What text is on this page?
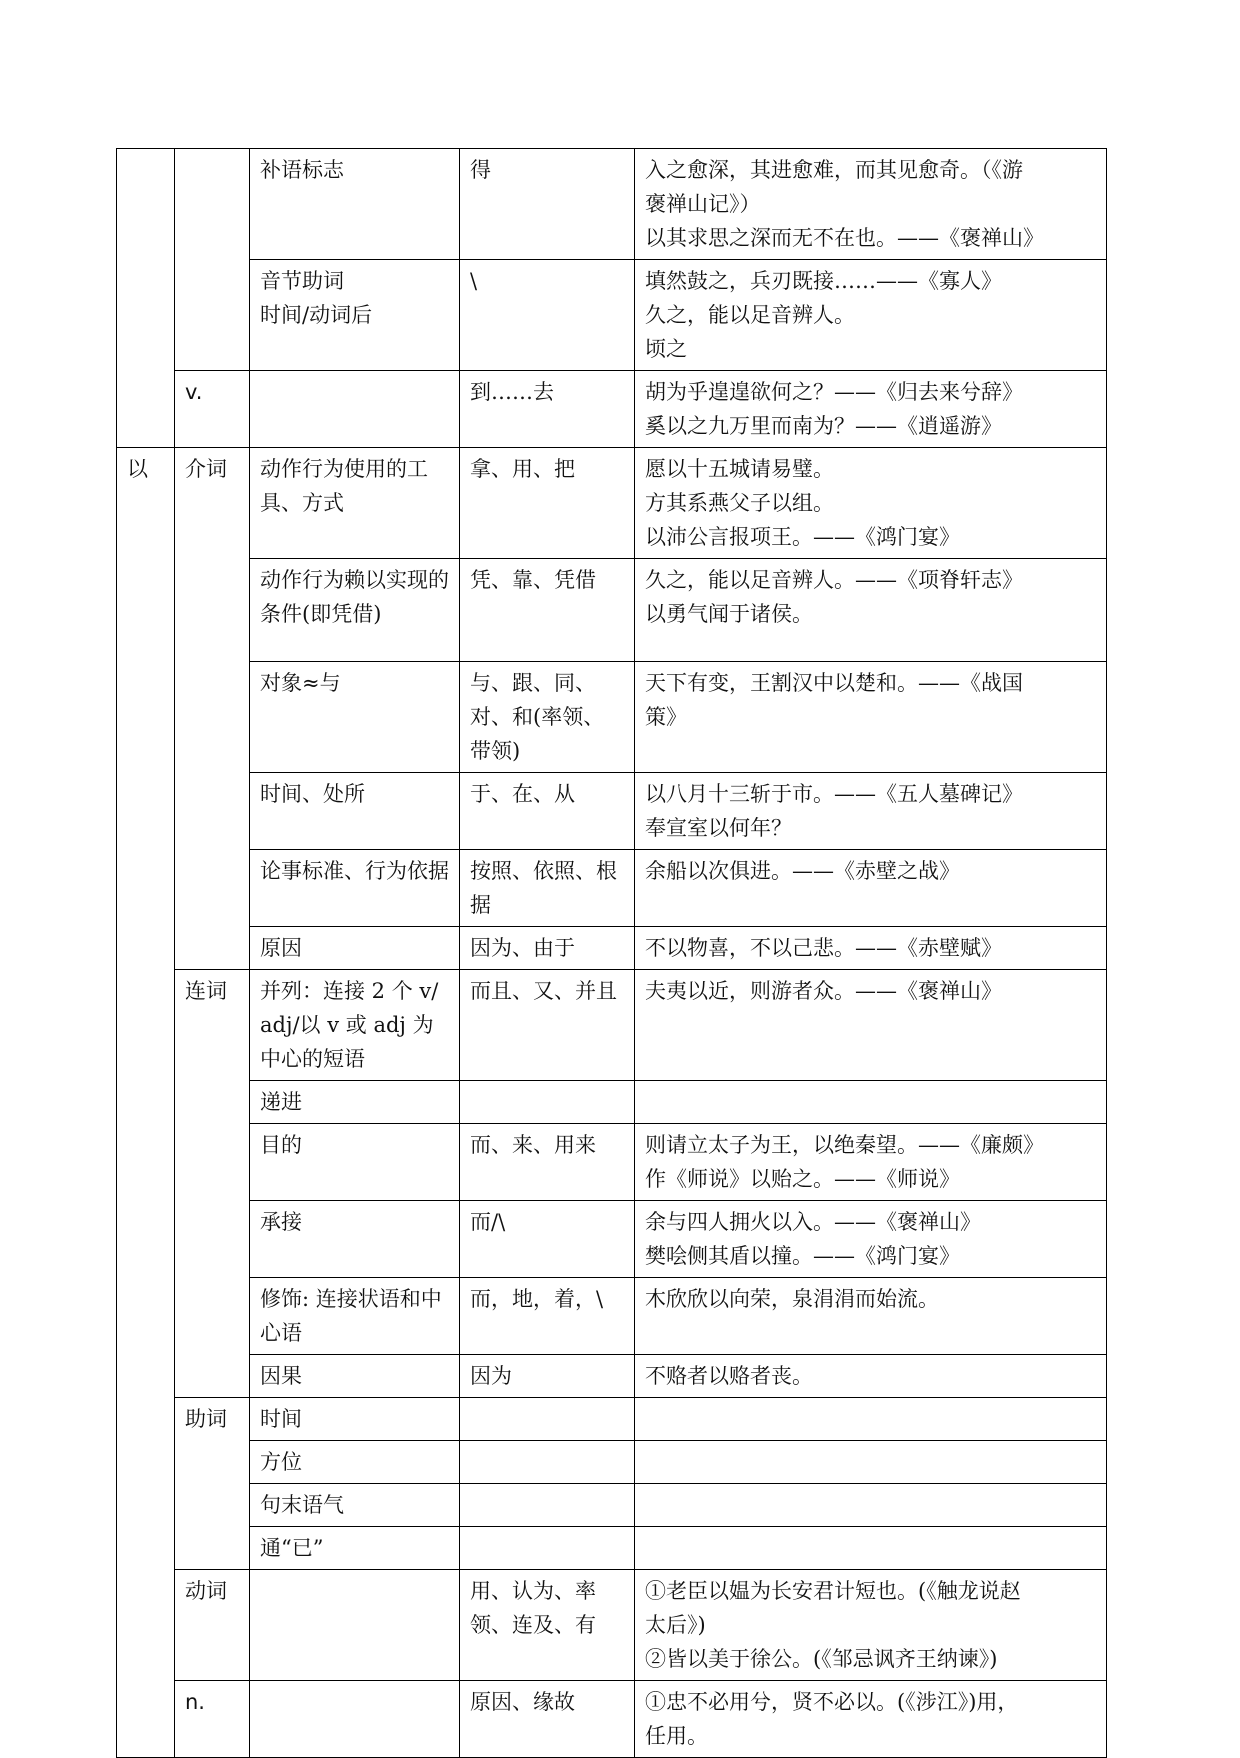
		补语标志	得	入之愈深，其进愈难，而其见愈奇。（《游
褒禅山记》）
以其求思之深而无不在也。——《褒禅山》

		音节助词
时间/动词后	\	填然鼓之，兵刃既接……——《寡人》
久之，能以足音辨人。
顷之

	v.		到……去	胡为乎遑遑欲何之？——《归去来兮辞》
奚以之九万里而南为？——《逍遥游》

以	介词	动作行为使用的工具、方式	拿、用、把	愿以十五城请易璧。
方其系燕父子以组。
以沛公言报项王。——《鸿门宴》

		动作行为赖以实现的条件(即凭借)	凭、靠、凭借	久之，能以足音辨人。——《项脊轩志》
以勇气闻于诸侯。

		对象≈与	与、跟、同、对、和(率领、带领)	天下有变，王割汉中以楚和。——《战国
策》

		时间、处所	于、在、从	以八月十三斩于市。——《五人墓碑记》
奉宣室以何年？

		论事标准、行为依据	按照、依照、根据	余船以次俱进。——《赤壁之战》

		原因	因为、由于	不以物喜，不以己悲。——《赤壁赋》

	连词	并列：连接 2 个 v/adj/以 v 或 adj 为中心的短语	而且、又、并且	夫夷以近，则游者众。——《褒禅山》

		递进		

		目的	而、来、用来	则请立太子为王，以绝秦望。——《廉颇》
作《师说》以贻之。——《师说》

		承接	而/\	余与四人拥火以入。——《褒禅山》
樊哙侧其盾以撞。——《鸿门宴》

		修饰: 连接状语和中心语	而，地，着，\	木欣欣以向荣，泉涓涓而始流。

		因果	因为	不赂者以赂者丧。

	助词	时间		

		方位		

		句末语气		

		通“已”		

	动词		用、认为、率领、连及、有	①老臣以媪为长安君计短也。(《触龙说赵
太后》)
②皆以美于徐公。(《邹忌讽齐王纳谏》)

	n.		原因、缘故	①忠不必用兮，贤不必以。(《涉江》)用，
任用。
